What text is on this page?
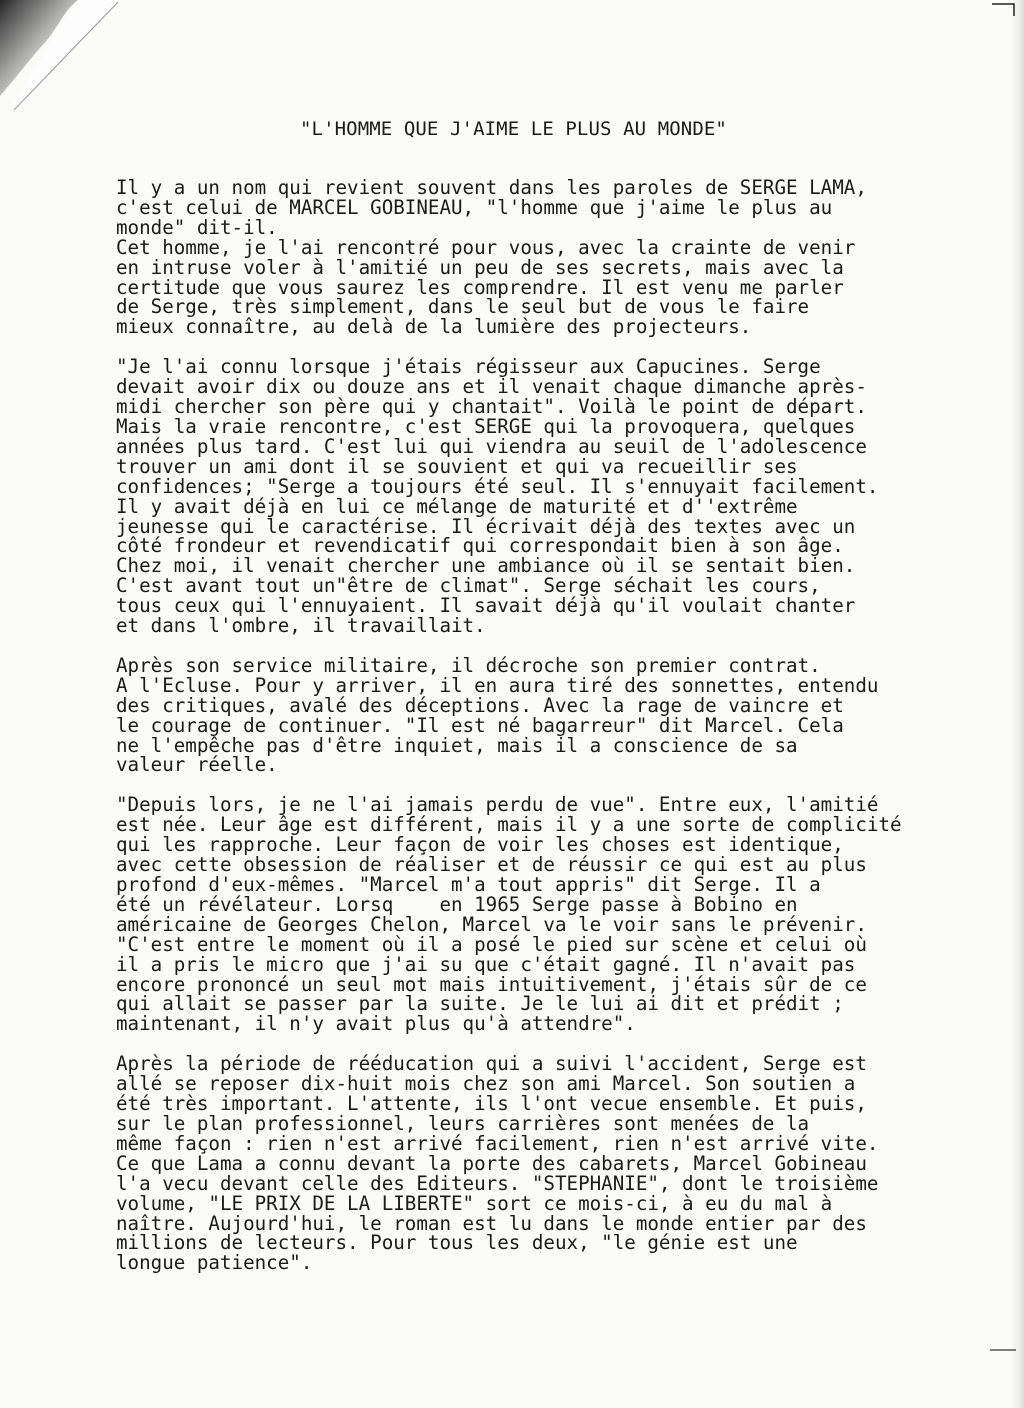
"L'HOMME QUE J'AIME LE PLUS AU MONDE"
Il y a un nom qui revient souvent dans les paroles de SERGE LAMA,
c'est celui de MARCEL GOBINEAU, "l'homme que j'aime le plus au
monde" dit-il.
Cet homme, je l'ai rencontré pour vous, avec la crainte de venir
en intruse voler à l'amitié un peu de ses secrets, mais avec la
certitude que vous saurez les comprendre. Il est venu me parler
de Serge, très simplement, dans le seul but de vous le faire
mieux connaître, au delà de la lumière des projecteurs.
"Je l'ai connu lorsque j'étais régisseur aux Capucines. Serge
devait avoir dix ou douze ans et il venait chaque dimanche après-
midi chercher son père qui y chantait". Voilà le point de départ.
Mais la vraie rencontre, c'est SERGE qui la provoquera, quelques
années plus tard. C'est lui qui viendra au seuil de l'adolescence
trouver un ami dont il se souvient et qui va recueillir ses
confidences; "Serge a toujours été seul. Il s'ennuyait facilement.
Il y avait déjà en lui ce mélange de maturité et d''extrême
jeunesse qui le caractérise. Il écrivait déjà des textes avec un
côté frondeur et revendicatif qui correspondait bien à son âge.
Chez moi, il venait chercher une ambiance où il se sentait bien.
C'est avant tout un"être de climat". Serge séchait les cours,
tous ceux qui l'ennuyaient. Il savait déjà qu'il voulait chanter
et dans l'ombre, il travaillait.
Après son service militaire, il décroche son premier contrat.
A l'Ecluse. Pour y arriver, il en aura tiré des sonnettes, entendu
des critiques, avalé des déceptions. Avec la rage de vaincre et
le courage de continuer. "Il est né bagarreur" dit Marcel. Cela
ne l'empêche pas d'être inquiet, mais il a conscience de sa
valeur réelle.
"Depuis lors, je ne l'ai jamais perdu de vue". Entre eux, l'amitié
est née. Leur âge est différent, mais il y a une sorte de complicité
qui les rapproche. Leur façon de voir les choses est identique,
avec cette obsession de réaliser et de réussir ce qui est au plus
profond d'eux-mêmes. "Marcel m'a tout appris" dit Serge. Il a
été un révélateur. Lorsq    en 1965 Serge passe à Bobino en
américaine de Georges Chelon, Marcel va le voir sans le prévenir.
"C'est entre le moment où il a posé le pied sur scène et celui où
il a pris le micro que j'ai su que c'était gagné. Il n'avait pas
encore prononcé un seul mot mais intuitivement, j'étais sûr de ce
qui allait se passer par la suite. Je le lui ai dit et prédit ;
maintenant, il n'y avait plus qu'à attendre".
Après la période de rééducation qui a suivi l'accident, Serge est
allé se reposer dix-huit mois chez son ami Marcel. Son soutien a
été très important. L'attente, ils l'ont vecue ensemble. Et puis,
sur le plan professionnel, leurs carrières sont menées de la
même façon : rien n'est arrivé facilement, rien n'est arrivé vite.
Ce que Lama a connu devant la porte des cabarets, Marcel Gobineau
l'a vecu devant celle des Editeurs. "STEPHANIE", dont le troisième
volume, "LE PRIX DE LA LIBERTE" sort ce mois-ci, à eu du mal à
naître. Aujourd'hui, le roman est lu dans le monde entier par des
millions de lecteurs. Pour tous les deux, "le génie est une
longue patience".
